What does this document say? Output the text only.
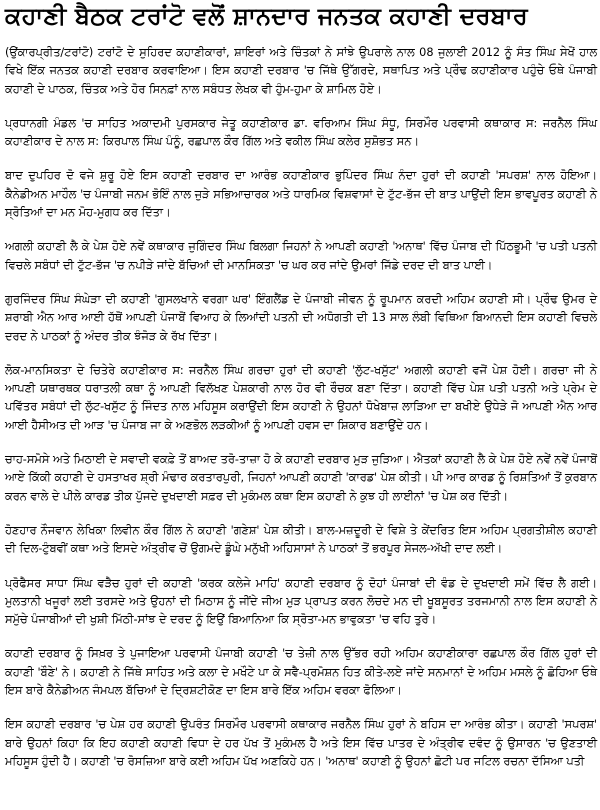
ਕਹਾਣੀ ਬੈਠਕ ਟਰਾਂਟੋ ਵਲੋਂ ਸ਼ਾਨਦਾਰ ਜਨਤਕ ਕਹਾਣੀ ਦਰਬਾਰ

(ਉਂਕਾਰਪ੍ਰੀਤ/ਟਰਾਂਟੋ) ਟਰਾਂਟੋ ਦੇ ਸੁਹਿਰਦ ਕਹਾਣੀਕਾਰਾਂ, ਸ਼ਾਇਰਾਂ ਅਤੇ ਚਿੰਤਕਾਂ ਨੇ ਸਾਂਝੇ ਉਪਰਾਲੇ ਨਾਲ 08 ਜੁਲਾਈ 2012 ਨੂੰ ਸੰਤ ਸਿੰਘ ਸੇਖੋਂ ਹਾਲ ਵਿਖੇ ਇੱਕ ਜਨਤਕ ਕਹਾਣੀ ਦਰਬਾਰ ਕਰਵਾਇਆ। ਇਸ ਕਹਾਣੀ ਦਰਬਾਰ 'ਚ ਜਿੱਥੇ ਉੱਗਰਦੇ, ਸਥਾਪਿਤ ਅਤੇ ਪ੍ਰੌਢ ਕਹਾਣੀਕਾਰ ਪਹੁੰਚੇ ਓਥੇ ਪੰਜਾਬੀ ਕਹਾਣੀ ਦੇ ਪਾਠਕ, ਚਿੰਤਕ ਅਤੇ ਹੋਰ ਸਿਨਫ਼ਾਂ ਨਾਲ ਸਬੰਧਤ ਲੇਖਕ ਵੀ ਹੁੰਮ-ਹੁਮਾ ਕੇ ਸ਼ਾਮਿਲ ਹੋਏ।

ਪ੍ਰਧਾਨਗੀ ਮੰਡਲ 'ਚ ਸਾਹਿਤ ਅਕਾਦਮੀ ਪੁਰਸਕਾਰ ਜੇਤੂ ਕਹਾਣੀਕਾਰ ਡਾ. ਵਰਿਆਮ ਸਿੰਘ ਸੰਧੂ, ਸਿਰਮੌਰ ਪਰਵਾਸੀ ਕਥਾਕਾਰ ਸ: ਜਰਨੈਲ ਸਿੰਘ ਕਹਾਣੀਕਾਰ ਦੇ ਨਾਲ ਸ: ਕਿਰਪਾਲ ਸਿੰਘ ਪੰਨੂੰ, ਰਛਪਾਲ ਕੌਰ ਗਿੱਲ ਅਤੇ ਵਕੀਲ ਸਿੰਘ ਕਲੇਰ ਸੁਸ਼ੋਭਤ ਸਨ।

ਬਾਦ ਦੁਪਹਿਰ ਦੋ ਵਜੇ ਸ਼ੁਰੂ ਹੋਏ ਇਸ ਕਹਾਣੀ ਦਰਬਾਰ ਦਾ ਆਰੰਭ ਕਹਾਣੀਕਾਰ ਭੁਪਿੰਦਰ ਸਿੰਘ ਨੰਦਾ ਹੁਰਾਂ ਦੀ ਕਹਾਣੀ 'ਸਪਰਸ਼' ਨਾਲ ਹੋਇਆ। ਕੈਨੇਡੀਅਨ ਮਾਹੌਲ 'ਚ ਪੰਜਾਬੀ ਜਨਮ ਭੋਇੰ ਨਾਲ ਜੁੜੇ ਸਭਿਆਚਾਰਕ ਅਤੇ ਧਾਰਮਿਕ ਵਿਸ਼ਵਾਸਾਂ ਦੇ ਟੁੱਟ-ਭੱਜ ਦੀ ਬਾਤ ਪਾਉਂਦੀ ਇਸ ਭਾਵਪੂਰਤ ਕਹਾਣੀ ਨੇ ਸ੍ਰੋਤਿਆਂ ਦਾ ਮਨ ਮੋਹ-ਮੁਗਧ ਕਰ ਦਿੱਤਾ।

ਅਗਲੀ ਕਹਾਣੀ ਲੈ ਕੇ ਪੇਸ਼ ਹੋਏ ਨਵੇਂ ਕਥਾਕਾਰ ਜੁਗਿੰਦਰ ਸਿੰਘ ਬਿਲਗਾ ਜਿਹਨਾਂ ਨੇ ਆਪਣੀ ਕਹਾਣੀ 'ਅਨਾਥ' ਵਿੱਚ ਪੰਜਾਬ ਦੀ ਪਿੱਠਭੂਮੀ 'ਚ ਪਤੀ ਪਤਨੀ ਵਿਚਲੇ ਸਬੰਧਾਂ ਦੀ ਟੁੱਟ-ਭੱਜ 'ਚ ਨਪੀੜੇ ਜਾਂਦੇ ਬੱਚਿਆਂ ਦੀ ਮਾਨਸਿਕਤਾ 'ਚ ਘਰ ਕਰ ਜਾਂਦੇ ਉਮਰਾਂ ਜਿੱਡੇ ਦਰਦ ਦੀ ਬਾਤ ਪਾਈ।

ਗੁਰਜਿੰਦਰ ਸਿੰਘ ਸੰਘੇੜਾ ਦੀ ਕਹਾਣੀ 'ਗੁਸਲਖਾਨੇ ਵਰਗਾ ਘਰ' ਇੰਗਲੈਂਡ ਦੇ ਪੰਜਾਬੀ ਜੀਵਨ ਨੂੰ ਰੂਪਮਾਨ ਕਰਦੀ ਅਹਿਮ ਕਹਾਣੀ ਸੀ। ਪ੍ਰੌਢ ਉਮਰ ਦੇ ਸ਼ਰਾਬੀ ਐਨ ਆਰ ਆਈ ਹੱਥੋਂ ਆਪਣੀ ਪੰਜਾਬੋਂ ਵਿਆਹ ਕੇ ਲਿਆਂਦੀ ਪਤਨੀ ਦੀ ਅਧੋਗਤੀ ਦੀ 13 ਸਾਲ ਲੰਬੀ ਵਿਥਿਆ ਬਿਆਨਦੀ ਇਸ ਕਹਾਣੀ ਵਿਚਲੇ ਦਰਦ ਨੇ ਪਾਠਕਾਂ ਨੂੰ ਅੰਦਰ ਤੀਕ ਝੰਜੋੜ ਕੇ ਰੱਖ ਦਿੱਤਾ।

ਲੋਕ-ਮਾਨਸਿਕਤਾ ਦੇ ਚਿਤੇਰੇ ਕਹਾਣੀਕਾਰ ਸ: ਜਰਨੈਲ ਸਿੰਘ ਗਰਚਾ ਹੁਰਾਂ ਦੀ ਕਹਾਣੀ 'ਲੁੱਟ-ਖਸੁੱਟ' ਅਗਲੀ ਕਹਾਣੀ ਵਜੋਂ ਪੇਸ਼ ਹੋਈ। ਗਰਚਾ ਜੀ ਨੇ ਆਪਣੀ ਯਥਾਰਥਕ ਧਰਾਤਲੀ ਕਥਾ ਨੂੰ ਆਪਣੀ ਵਿਲੱਖਣ ਪੇਸ਼ਕਾਰੀ ਨਾਲ ਹੋਰ ਵੀ ਰੌਚਕ ਬਣਾ ਦਿੱਤਾ। ਕਹਾਣੀ ਵਿੱਚ ਪੇਸ਼ ਪਤੀ ਪਤਨੀ ਅਤੇ ਪ੍ਰੇਮ ਦੇ ਪਵਿੱਤਰ ਸਬੰਧਾਂ ਦੀ ਲੁੱਟ-ਖਸੁੱਟ ਨੂੰ ਜਿੰਦਤ ਨਾਲ ਮਹਿਸੂਸ ਕਰਾਉਂਦੀ ਇਸ ਕਹਾਣੀ ਨੇ ਉਹਨਾਂ ਧੋਖੇਬਾਜ਼ ਲਾੜਿਆ ਦਾ ਬਖੀਏ ਉਧੇੜੇ ਜੋ ਆਪਣੀ ਐਨ ਆਰ ਆਈ ਹੈਸੀਅਤ ਦੀ ਆੜ 'ਚ ਪੰਜਾਬ ਜਾ ਕੇ ਅਣਭੋਲ ਲੜਕੀਆਂ ਨੂੰ ਆਪਣੀ ਹਵਸ ਦਾ ਸ਼ਿਕਾਰ ਬਣਾਉਂਦੇ ਹਨ।

ਚਾਹ-ਸਮੋਸੇ ਅਤੇ ਮਿਠਾਈ ਦੇ ਸਵਾਦੀ ਵਕਫ਼ੇ ਤੋਂ ਬਾਅਦ ਤਰੋ-ਤਾਜ਼ਾ ਹੋ ਕੇ ਕਹਾਣੀ ਦਰਬਾਰ ਮੁੜ ਜੁੜਿਆ। ਐਤਕਾਂ ਕਹਾਣੀ ਲੈ ਕੇ ਪੇਸ਼ ਹੋਏ ਨਵੇਂ ਨਵੇਂ ਪੰਜਾਬੋਂ ਆਏ ਕਿੱਕੀ ਕਹਾਣੀ ਦੇ ਹਸਤਾਖਰ ਸ਼੍ਰੀ ਮੰਢਾਰ ਕਰਤਾਰਪੁਰੀ, ਜਿਹਨਾਂ ਆਪਣੀ ਕਹਾਣੀ 'ਕਾਰਡ' ਪੇਸ਼ ਕੀਤੀ। ਪੀ ਆਰ ਕਾਰਡ ਨੂੰ ਰਿਸ਼ਤਿਆਂ ਤੋਂ ਕੁਰਬਾਨ ਕਰਨ ਵਾਲੇ ਦੇ ਪੀਲੇ ਕਾਰਡ ਤੀਕ ਪੁੱਜਦੇ ਦੁਖਦਾਈ ਸਫ਼ਰ ਦੀ ਮੁਕੰਮਲ ਕਥਾ ਇਸ ਕਹਾਣੀ ਨੇ ਕੁਝ ਹੀ ਲਾਈਨਾਂ 'ਚ ਪੇਸ਼ ਕਰ ਦਿੱਤੀ।

ਹੋਣਹਾਰ ਨੌਜਵਾਨ ਲੇਖਿਕਾ ਲਿਵੀਨ ਕੌਰ ਗਿੱਲ ਨੇ ਕਹਾਣੀ 'ਗਣੇਸ਼' ਪੇਸ਼ ਕੀਤੀ। ਬਾਲ-ਮਜ਼ਦੂਰੀ ਦੇ ਵਿਸ਼ੇ ਤੇ ਕੇਂਦਰਿਤ ਇਸ ਅਹਿਮ ਪ੍ਰਗਤੀਸ਼ੀਲ ਕਹਾਣੀ ਦੀ ਦਿਲ-ਟੁੰਬਵੀਂ ਕਥਾ ਅਤੇ ਇਸਦੇ ਅੰਤ੍ਰੀਵ ਚੋਂ ਉਗਮਦੇ ਡੂੰਘੇ ਮਨੁੱਖੀ ਅਹਿਸਾਸਾਂ ਨੇ ਪਾਠਕਾਂ ਤੋਂ ਭਰਪੂਰ ਸੇਜਲ-ਅੱਖੀ ਦਾਦ ਲਈ।

ਪ੍ਰੋਫੈਸਰ ਸਾਧਾ ਸਿੰਘ ਵੜੈਚ ਹੁਰਾਂ ਦੀ ਕਹਾਣੀ 'ਕਰਕ ਕਲੇਜੇ ਮਾਹਿ' ਕਹਾਣੀ ਦਰਬਾਰ ਨੂੰ ਦੋਹਾਂ ਪੰਜਾਬਾਂ ਦੀ ਵੰਡ ਦੇ ਦੁਖਦਾਈ ਸਮੇਂ ਵਿੱਚ ਲੈ ਗਈ। ਮੁਲਤਾਨੀ ਖਜੂਰਾਂ ਲਈ ਤਰਸਦੇ ਅਤੇ ਉਹਨਾਂ ਦੀ ਮਿਠਾਸ ਨੂੰ ਜੀਂਦੇ ਜੀਅ ਮੁੜ ਪ੍ਰਾਪਤ ਕਰਨ ਲੋਚਦੇ ਮਨ ਦੀ ਖੂਬਸੂਰਤ ਤਰਜਮਾਨੀ ਨਾਲ ਇਸ ਕਹਾਣੀ ਨੇ ਸਮੁੱਚੇ ਪੰਜਾਬੀਆਂ ਦੀ ਖੁਸ਼ੀ ਮਿੱਠੀ-ਸਾਂਝ ਦੇ ਦਰਦ ਨੂੰ ਇਉਂ ਬਿਆਨਿਆ ਕਿ ਸ੍ਰੋਤਾ-ਮਨ ਭਾਵੁਕਤਾ 'ਚ ਵਹਿ ਤੁਰੇ।

ਕਹਾਣੀ ਦਰਬਾਰ ਨੂੰ ਸਿਖ਼ਰ ਤੇ ਪੁਜਾਇਆ ਪਰਵਾਸੀ ਪੰਜਾਬੀ ਕਹਾਣੀ 'ਚ ਤੇਜ਼ੀ ਨਾਲ ਉੱਭਰ ਰਹੀ ਅਹਿਮ ਕਹਾਣੀਕਾਰਾ ਰਛਪਾਲ ਕੌਰ ਗਿੱਲ ਹੁਰਾਂ ਦੀ ਕਹਾਣੀ 'ਬੌਣੇ' ਨੇ। ਕਹਾਣੀ ਨੇ ਜਿੱਥੇ ਸਾਹਿਤ ਅਤੇ ਕਲਾ ਦੇ ਮਖੌਟੇ ਪਾ ਕੇ ਸਵੈ-ਪ੍ਰਮੋਸ਼ਨ ਹਿਤ ਕੀਤੇ-ਲਏ ਜਾਂਦੇ ਸਨਮਾਨਾਂ ਦੇ ਅਹਿਮ ਮਸਲੇ ਨੂੰ ਛੋਹਿਆ ਓਥੇ ਇਸ ਬਾਰੇ ਕੈਨੇਡੀਅਨ ਜੰਮਪਲ ਬੱਚਿਆਂ ਦੇ ਦ੍ਰਿਸ਼ਟੀਕੋਣ ਦਾ ਇਸ ਬਾਰੇ ਇੱਕ ਅਹਿਮ ਵਰਕਾ ਫੋਲਿਆ।

ਇਸ ਕਹਾਣੀ ਦਰਬਾਰ 'ਚ ਪੇਸ਼ ਹਰ ਕਹਾਣੀ ਉਪਰੰਤ ਸਿਰਮੌਰ ਪਰਵਾਸੀ ਕਥਾਕਾਰ ਜਰਨੈਲ ਸਿੰਘ ਹੁਰਾਂ ਨੇ ਬਹਿਸ ਦਾ ਆਰੰਭ ਕੀਤਾ। ਕਹਾਣੀ 'ਸਪਰਸ਼' ਬਾਰੇ ਉਹਨਾਂ ਕਿਹਾ ਕਿ ਇਹ ਕਹਾਣੀ ਕਹਾਣੀ ਵਿਧਾ ਦੇ ਹਰ ਪੱਖ ਤੋਂ ਮੁਕੰਮਲ ਹੈ ਅਤੇ ਇਸ ਵਿੱਚ ਪਾਤਰ ਦੇ ਅੰਤ੍ਰੀਵ ਦਵੰਦ ਨੂੰ ਉਸਾਰਨ 'ਚ ਉਣਤਾਈ ਮਹਿਸੂਸ ਹੁੰਦੀ ਹੈ। ਕਹਾਣੀ 'ਚ ਰੋਸਜ਼ਿਆ ਬਾਰੇ ਕਈ ਅਹਿਮ ਪੱਖ ਅਣਕਿਹੇ ਹਨ। 'ਅਨਾਥ' ਕਹਾਣੀ ਨੂੰ ਉਹਨਾਂ ਛੋਟੀ ਪਰ ਜਟਿਲ ਰਚਨਾ ਦੱਸਿਆ ਪਤੀ
